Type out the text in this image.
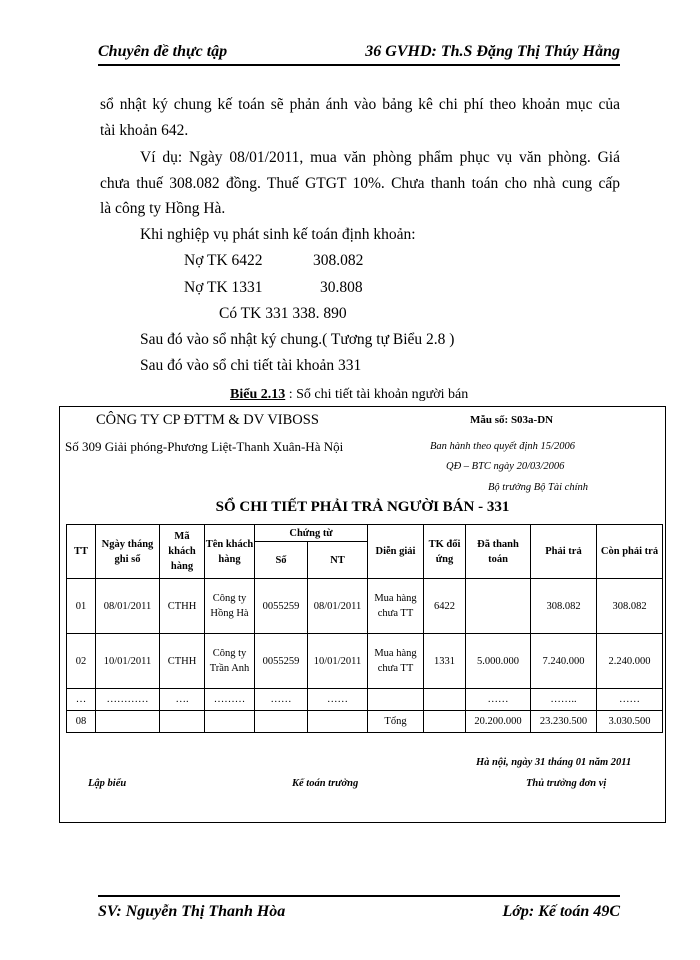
Chuyên đề thực tập	36 GVHD: Th.S Đặng Thị Thúy Hằng
sổ nhật ký chung kế toán sẽ phản ánh vào bảng kê chi phí theo khoản mục của
tài khoản 642.
Ví dụ: Ngày 08/01/2011, mua văn phòng phẩm phục vụ văn phòng. Giá
chưa thuế 308.082 đồng. Thuế GTGT 10%. Chưa thanh toán cho nhà cung cấp
là công ty Hồng Hà.
Khi nghiệp vụ phát sinh kế toán định khoản:
Nợ TK 6422	308.082
Nợ TK 1331	30.808
Có TK 331 338. 890
Sau đó vào sổ nhật ký chung.( Tương tự Biểu 2.8 )
Sau đó vào sổ chi tiết tài khoản 331
Biểu 2.13 : Sổ chi tiết tài khoản người bán
CÔNG TY CP ĐTTM & DV VIBOSS
Số 309 Giải phóng-Phương Liệt-Thanh Xuân-Hà Nội
Mẫu số: S03a-DN
Ban hành theo quyết định 15/2006
QĐ – BTC ngày 20/03/2006
Bộ trưởng Bộ Tài chính
SỔ CHI TIẾT PHẢI TRẢ NGƯỜI BÁN - 331
TT	Ngày tháng ghi sổ	Mã khách hàng	Tên khách hàng	Chứng từ		Diễn giải	TK đối ứng	Đã thanh toán	Phải trả	Còn phải trả
				Số	NT					
01	08/01/2011	CTHH	Công ty Hồng Hà	0055259	08/01/2011	Mua hàng chưa TT	6422		308.082	308.082
02	10/01/2011	CTHH	Công ty Trần Anh	0055259	10/01/2011	Mua hàng chưa TT	1331	5.000.000	7.240.000	2.240.000
…	…………	….	………	……	……			……	……..	……
08						Tổng		20.200.000	23.230.500	3.030.500
Hà nội, ngày 31 tháng 01 năm 2011
Lập biểu	Kế toán trưởng	Thủ trưởng đơn vị
SV: Nguyễn Thị Thanh Hòa	Lớp: Kế toán 49C
